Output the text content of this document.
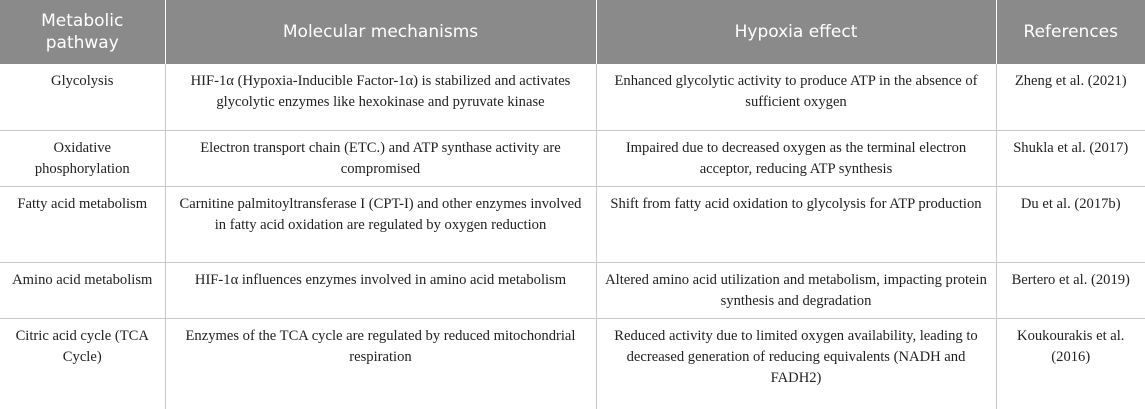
Metabolic pathway	Molecular mechanisms	Hypoxia effect	References
Glycolysis	HIF-1α (Hypoxia-Inducible Factor-1α) is stabilized and activates glycolytic enzymes like hexokinase and pyruvate kinase	Enhanced glycolytic activity to produce ATP in the absence of sufficient oxygen	Zheng et al. (2021)
Oxidative phosphorylation	Electron transport chain (ETC.) and ATP synthase activity are compromised	Impaired due to decreased oxygen as the terminal electron acceptor, reducing ATP synthesis	Shukla et al. (2017)
Fatty acid metabolism	Carnitine palmitoyltransferase I (CPT-I) and other enzymes involved in fatty acid oxidation are regulated by oxygen reduction	Shift from fatty acid oxidation to glycolysis for ATP production	Du et al. (2017b)
Amino acid metabolism	HIF-1α influences enzymes involved in amino acid metabolism	Altered amino acid utilization and metabolism, impacting protein synthesis and degradation	Bertero et al. (2019)
Citric acid cycle (TCA Cycle)	Enzymes of the TCA cycle are regulated by reduced mitochondrial respiration	Reduced activity due to limited oxygen availability, leading to decreased generation of reducing equivalents (NADH and FADH2)	Koukourakis et al. (2016)
